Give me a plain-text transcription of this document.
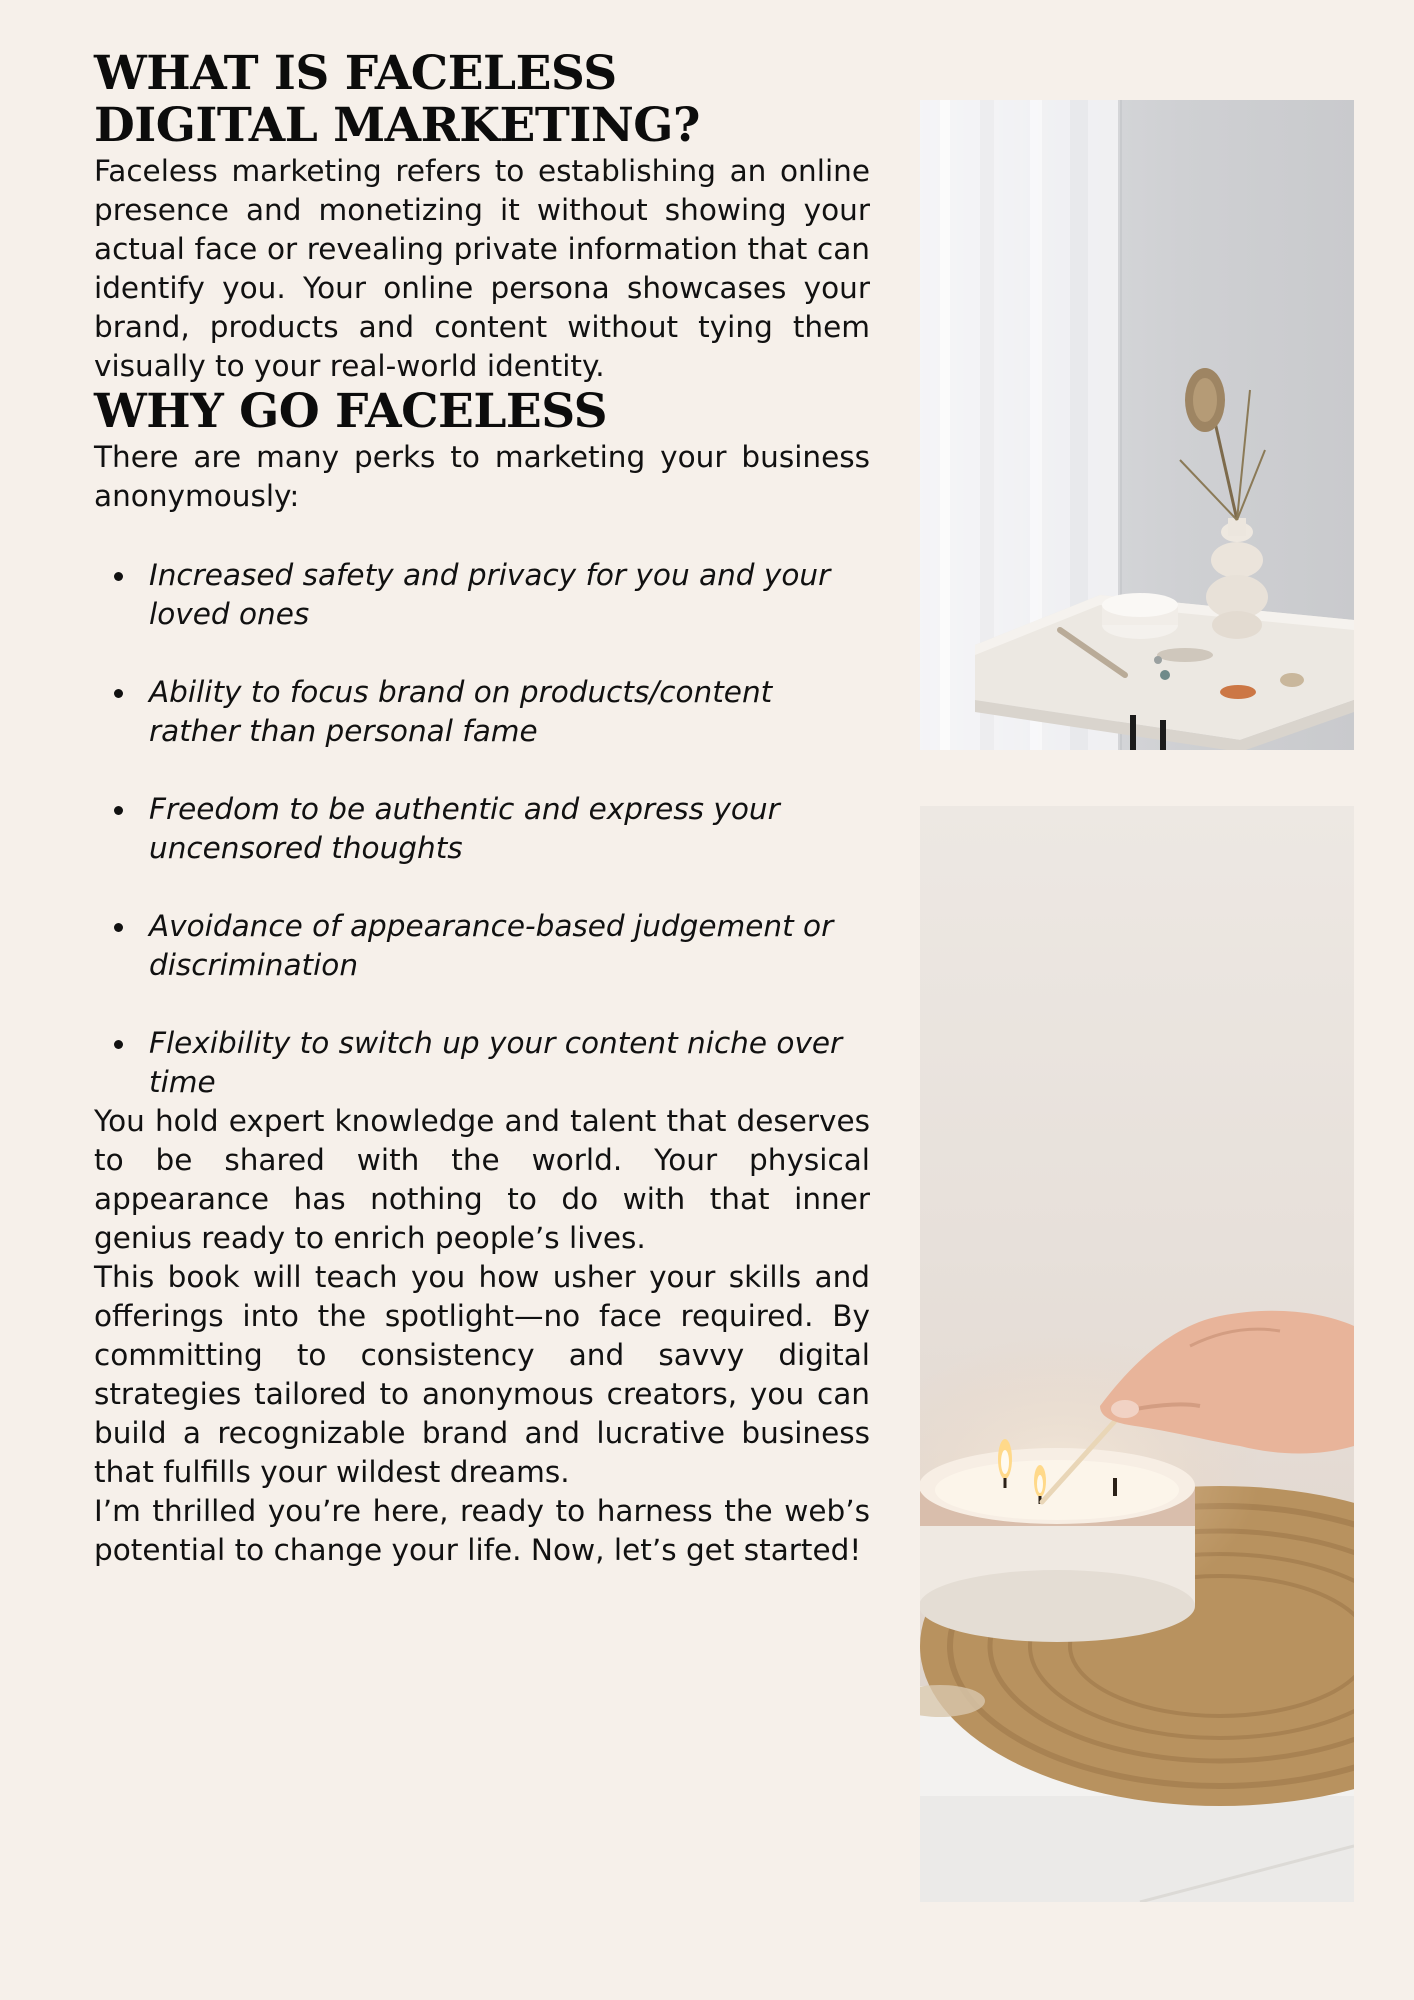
WHAT IS FACELESS DIGITAL MARKETING?

Faceless marketing refers to establishing an online presence and monetizing it without showing your actual face or revealing private information that can identify you. Your online persona showcases your brand, products and content without tying them visually to your real-world identity.

WHY GO FACELESS

There are many perks to marketing your business anonymously:

Increased safety and privacy for you and your loved ones
Ability to focus brand on products/content rather than personal fame
Freedom to be authentic and express your uncensored thoughts
Avoidance of appearance-based judgement or discrimination
Flexibility to switch up your content niche over time

You hold expert knowledge and talent that deserves to be shared with the world. Your physical appearance has nothing to do with that inner genius ready to enrich people’s lives.

This book will teach you how usher your skills and offerings into the spotlight—no face required. By committing to consistency and savvy digital strategies tailored to anonymous creators, you can build a recognizable brand and lucrative business that fulfills your wildest dreams.

I’m thrilled you’re here, ready to harness the web’s potential to change your life. Now, let’s get started!
